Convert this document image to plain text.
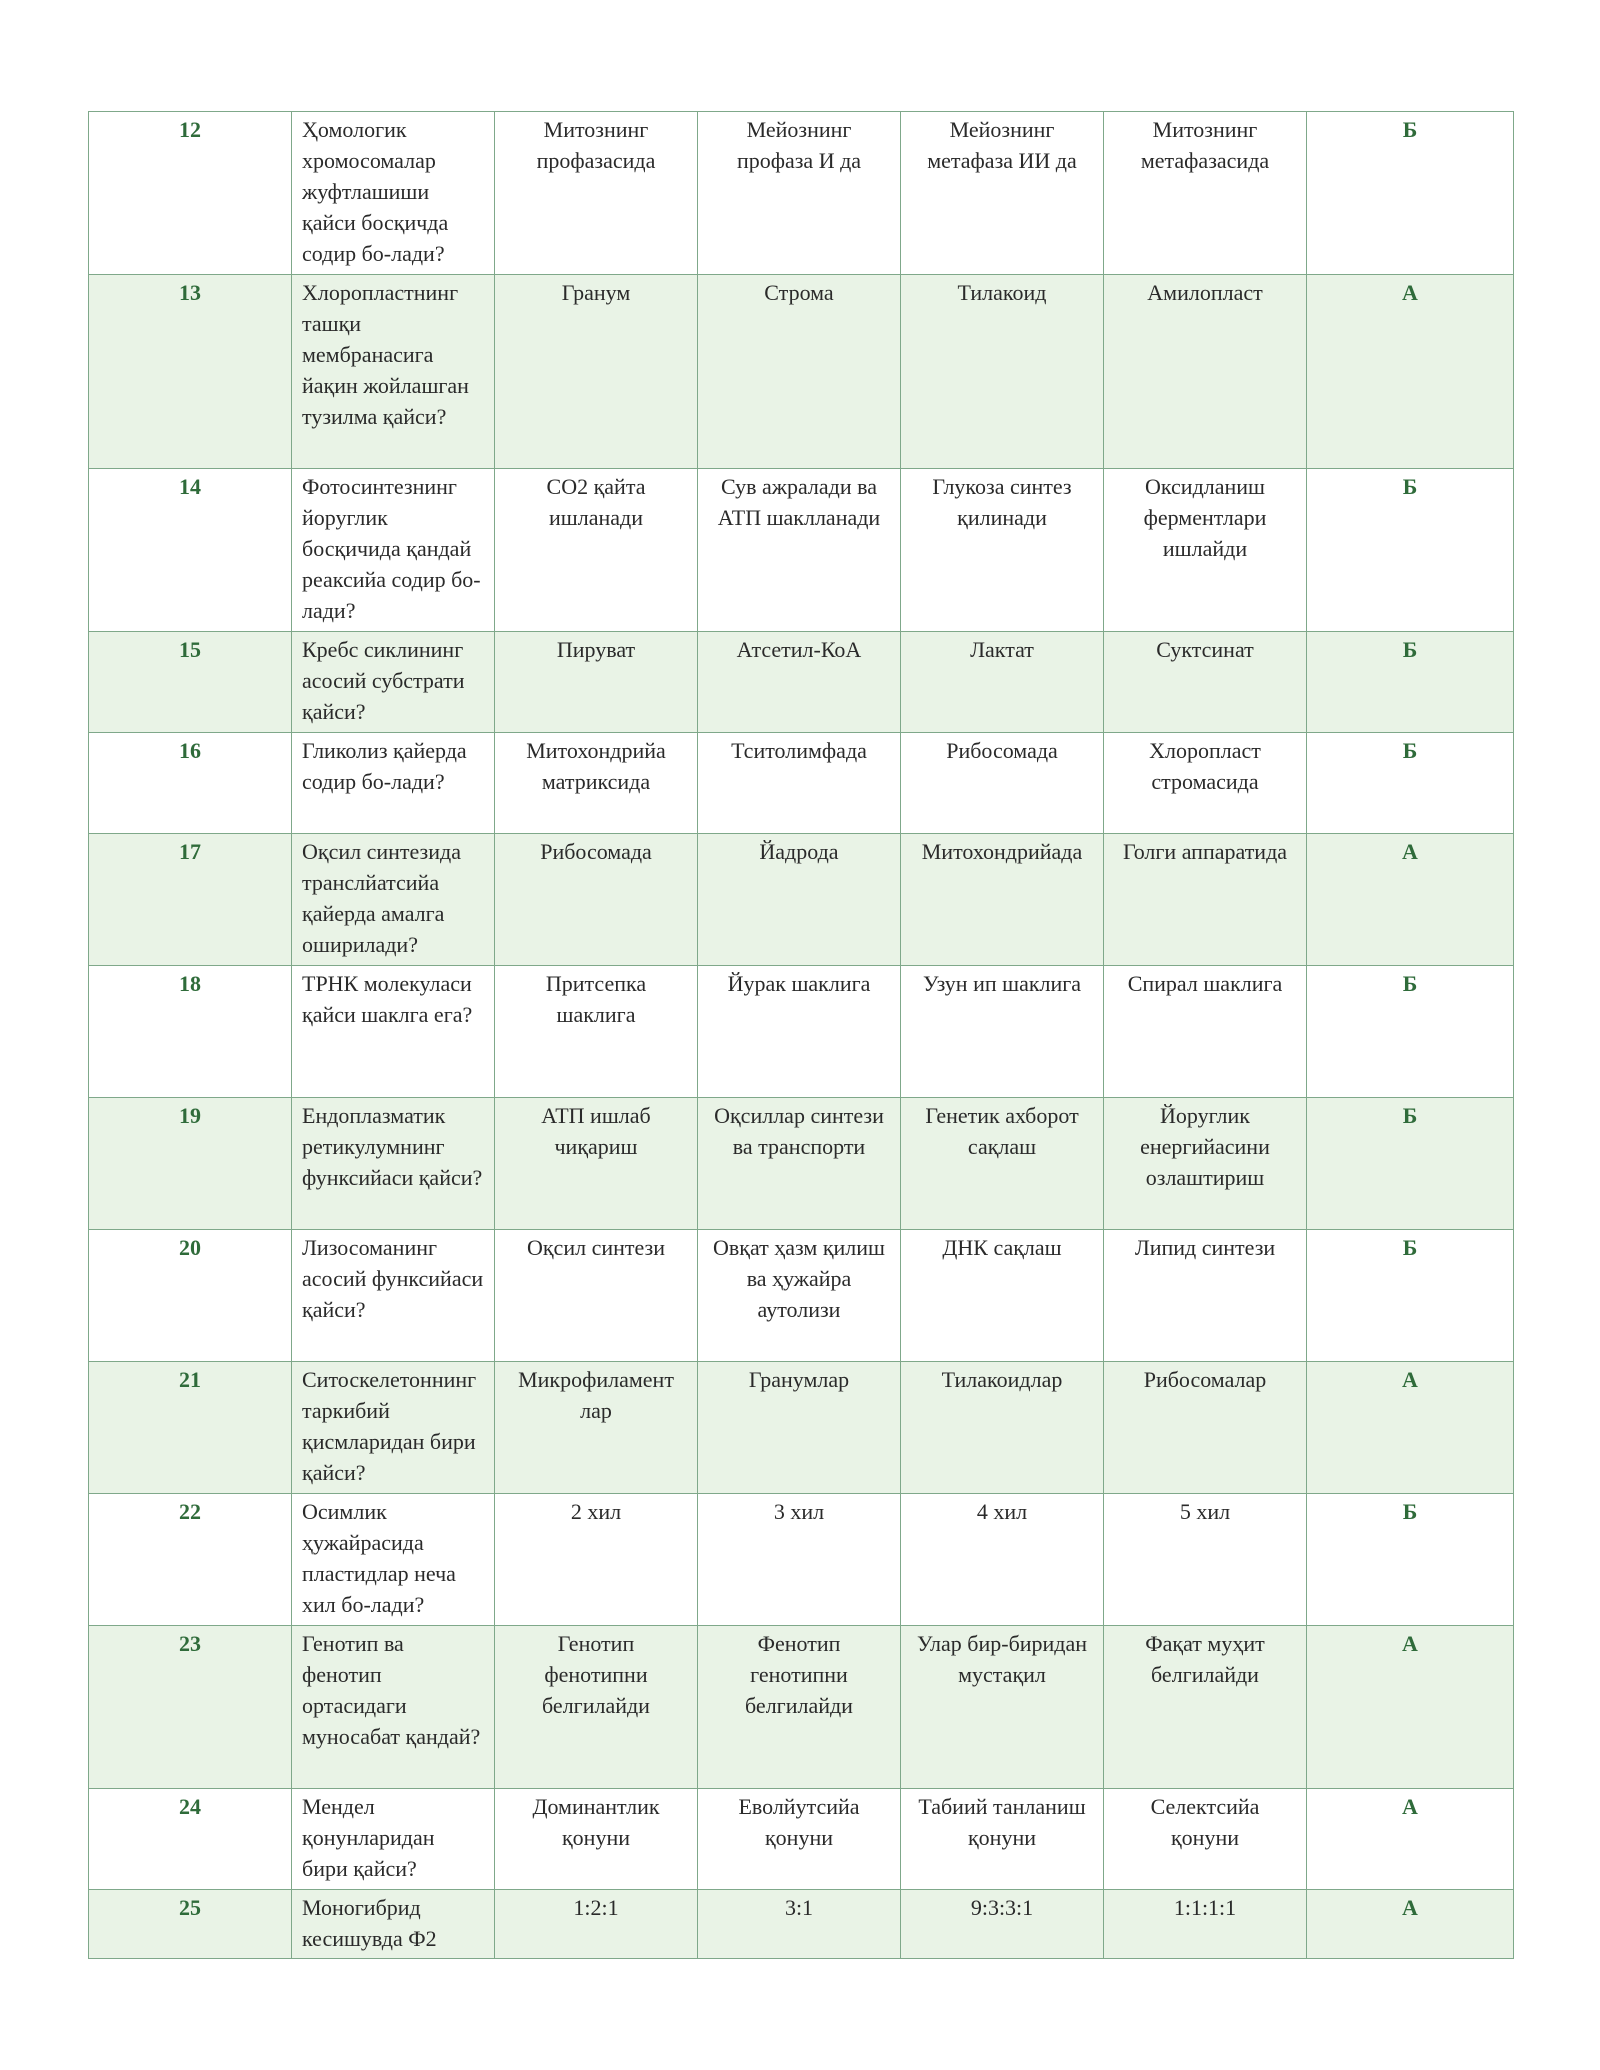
12	Ҳомологик хромосомалар жуфтлашиши қайси босқичда содир бо-лади?	Митознинг профазасида	Мейознинг профаза И да	Мейознинг метафаза ИИ да	Митознинг метафазасида	Б
13	Хлоропластнинг ташқи мембранасига йақин жойлашган тузилма қайси?	Гранум	Строма	Тилакоид	Амилопласт	А
14	Фотосинтезнинг йоруглик босқичида қандай реаксийа содир бо-лади?	CO2 қайта ишланади	Сув ажралади ва АТП шаклланади	Глукоза синтез қилинади	Оксидланиш ферментлари ишлайди	Б
15	Кребс сиклининг асосий субстрати қайси?	Пируват	Атсетил-КоА	Лактат	Суктсинат	Б
16	Гликолиз қайерда содир бо-лади?	Митохондрийа матриксида	Тситолимфада	Рибосомада	Хлоропласт стромасида	Б
17	Оқсил синтезида транслйатсийа қайерда амалга оширилади?	Рибосомада	Йадрода	Митохондрийада	Голги аппаратида	А
18	ТРНК молекуласи қайси шаклга ега?	Притсепка шаклига	Йурак шаклига	Узун ип шаклига	Спирал шаклига	Б
19	Ендоплазматик ретикулумнинг функсийаси қайси?	АТП ишлаб чиқариш	Оқсиллар синтези ва транспорти	Генетик ахборот сақлаш	Йоруглик енергийасини озлаштириш	Б
20	Лизосоманинг асосий функсийаси қайси?	Оқсил синтези	Овқат ҳазм қилиш ва ҳужайра аутолизи	ДНК сақлаш	Липид синтези	Б
21	Ситоскелетоннинг таркибий қисмларидан бири қайси?	Микрофиламент лар	Гранумлар	Тилакоидлар	Рибосомалар	А
22	Осимлик ҳужайрасида пластидлар неча хил бо-лади?	2 хил	3 хил	4 хил	5 хил	Б
23	Генотип ва фенотип ортасидаги муносабат қандай?	Генотип фенотипни белгилайди	Фенотип генотипни белгилайди	Улар бир-биридан мустақил	Фақат муҳит белгилайди	А
24	Мендел қонунларидан бири қайси?	Доминантлик қонуни	Еволйутсийа қонуни	Табиий танланиш қонуни	Селектсийа қонуни	А
25	Моногибрид кесишувда Ф2	1:2:1	3:1	9:3:3:1	1:1:1:1	А
